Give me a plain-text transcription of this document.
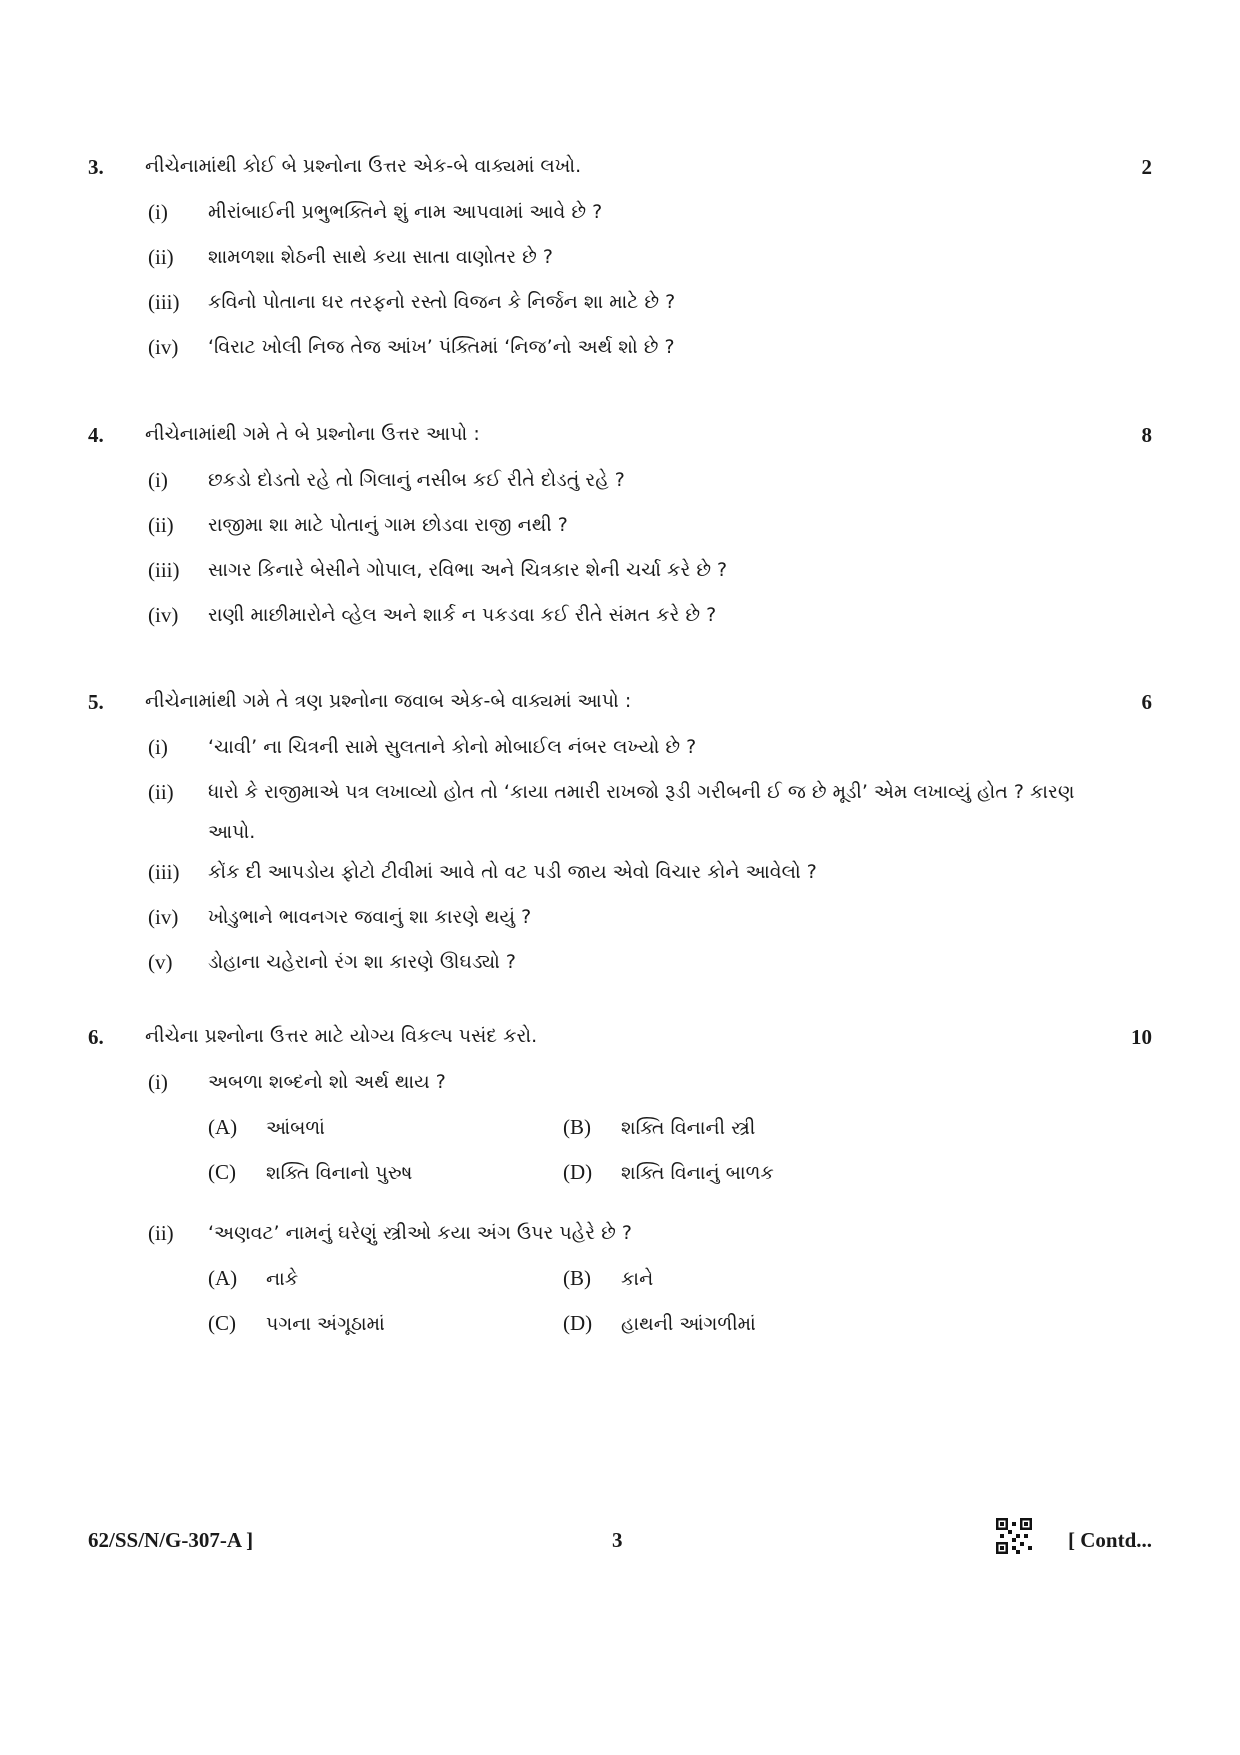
3. નીચેનામાંથી કોઈ બે પ્રશ્નોના ઉત્તર એક-બે વાક્યમાં લખો.	2
(i) મીરાંબાઈની પ્રભુભક્તિને શું નામ આપવામાં આવે છે ?
(ii) શામળશા શેઠની સાથે કયા સાતા વાણોતર છે ?
(iii) કવિનો પોતાના ઘર તરફનો રસ્તો વિજન કે નિર્જન શા માટે છે ?
(iv) ‘વિરાટ ખોલી નિજ તેજ આંખ’ પંક્તિમાં ‘નિજ’નો અર્થ શો છે ?
4. નીચેનામાંથી ગમે તે બે પ્રશ્નોના ઉત્તર આપો :	8
(i) છકડો દોડતો રહે તો ગિલાનું નસીબ કઈ રીતે દોડતું રહે ?
(ii) રાજીમા શા માટે પોતાનું ગામ છોડવા રાજી નથી ?
(iii) સાગર કિનારે બેસીને ગોપાલ, રવિભા અને ચિત્રકાર શેની ચર્ચા કરે છે ?
(iv) રાણી માછીમારોને વ્હેલ અને શાર્ક ન પકડવા કઈ રીતે સંમત કરે છે ?
5. નીચેનામાંથી ગમે તે ત્રણ પ્રશ્નોના જવાબ એક-બે વાક્યમાં આપો :	6
(i) ‘ચાવી’ ના ચિત્રની સામે સુલતાને કોનો મોબાઈલ નંબર લખ્યો છે ?
(ii) ધારો કે રાજીમાએ પત્ર લખાવ્યો હોત તો ‘કાયા તમારી રાખજો રૂડી ગરીબની ઈ જ છે મૂડી’ એમ લખાવ્યું હોત ? કારણ આપો.
(iii) કોંક દી આપડોય ફોટો ટીવીમાં આવે તો વટ પડી જાય એવો વિચાર કોને આવેલો ?
(iv) ખોડુભાને ભાવનગર જવાનું શા કારણે થયું ?
(v) ડોહાના ચહેરાનો રંગ શા કારણે ઊઘડ્યો ?
6. નીચેના પ્રશ્નોના ઉત્તર માટે યોગ્ય વિકલ્પ પસંદ કરો.	10
(i) અબળા શબ્દનો શો અર્થ થાય ?
(A) આંબળાં	(B) શક્તિ વિનાની સ્ત્રી
(C) શક્તિ વિનાનો પુરુષ	(D) શક્તિ વિનાનું બાળક
(ii) ‘અણવટ’ નામનું ઘરેણું સ્ત્રીઓ કયા અંગ ઉપર પહેરે છે ?
(A) નાકે	(B) કાને
(C) પગના અંગૂઠામાં	(D) હાથની આંગળીમાં
62/SS/N/G-307-A ]	3	[ Contd...
